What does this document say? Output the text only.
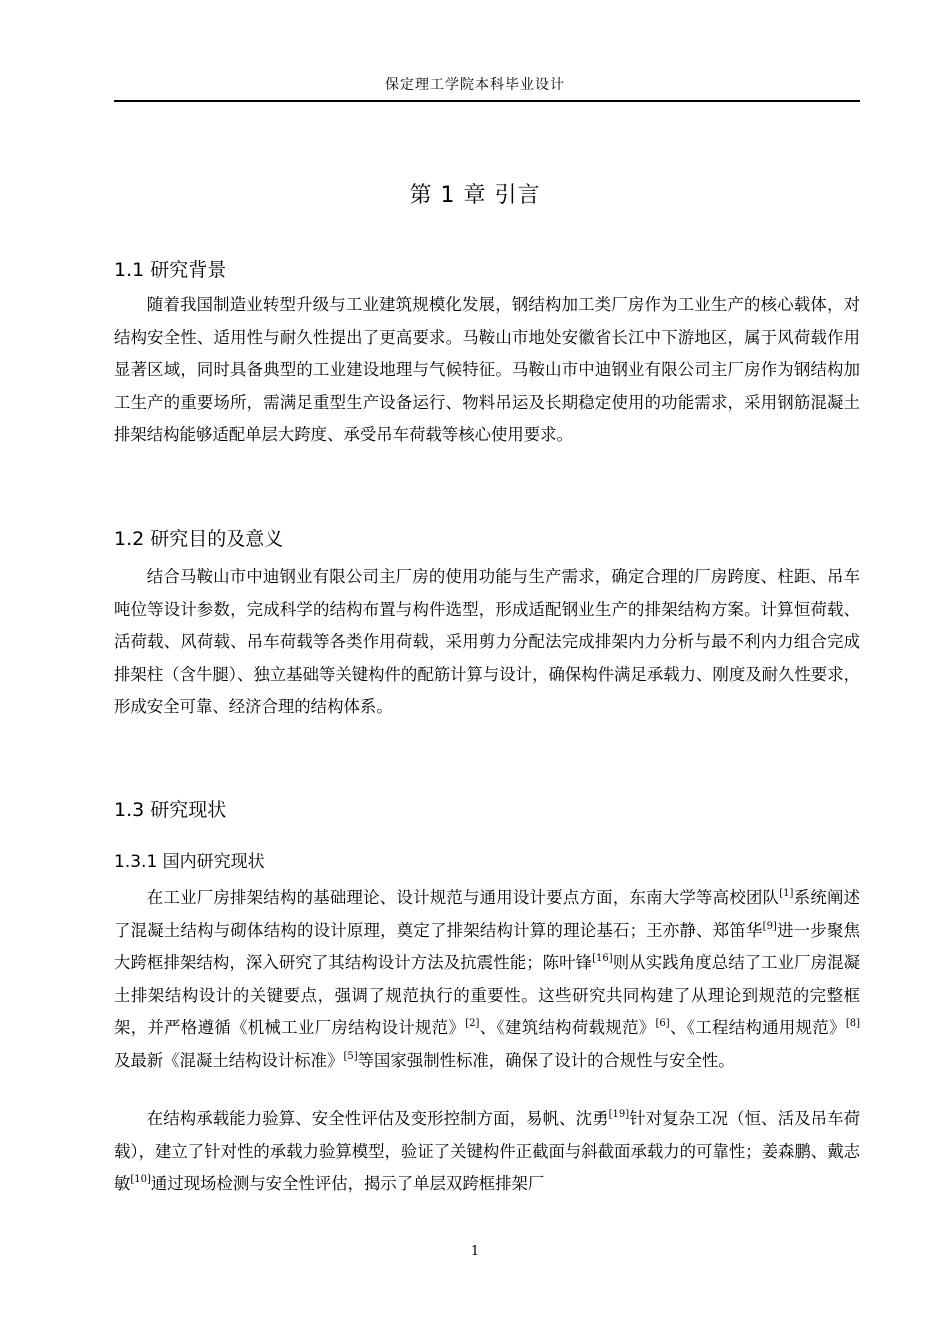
保定理工学院本科毕业设计
第 1 章 引言
1.1 研究背景

随着我国制造业转型升级与工业建筑规模化发展，钢结构加工类厂房作为工业生产的核心载体，对结构安全性、适用性与耐久性提出了更高要求。马鞍山市地处安徽省长江中下游地区，属于风荷载作用显著区域，同时具备典型的工业建设地理与气候特征。马鞍山市中迪钢业有限公司主厂房作为钢结构加工生产的重要场所，需满足重型生产设备运行、物料吊运及长期稳定使用的功能需求，采用钢筋混凝土排架结构能够适配单层大跨度、承受吊车荷载等核心使用要求。

1.2 研究目的及意义

结合马鞍山市中迪钢业有限公司主厂房的使用功能与生产需求，确定合理的厂房跨度、柱距、吊车吨位等设计参数，完成科学的结构布置与构件选型，形成适配钢业生产的排架结构方案。计算恒荷载、活荷载、风荷载、吊车荷载等各类作用荷载，采用剪力分配法完成排架内力分析与最不利内力组合完成排架柱（含牛腿）、独立基础等关键构件的配筋计算与设计，确保构件满足承载力、刚度及耐久性要求，形成安全可靠、经济合理的结构体系。

1.3 研究现状
1.3.1 国内研究现状

在工业厂房排架结构的基础理论、设计规范与通用设计要点方面，东南大学等高校团队[1]系统阐述了混凝土结构与砌体结构的设计原理，奠定了排架结构计算的理论基石；王亦静、郑笛华[9]进一步聚焦大跨框排架结构，深入研究了其结构设计方法及抗震性能；陈叶锋[16]则从实践角度总结了工业厂房混凝土排架结构设计的关键要点，强调了规范执行的重要性。这些研究共同构建了从理论到规范的完整框架，并严格遵循《机械工业厂房结构设计规范》[2]、《建筑结构荷载规范》[6]、《工程结构通用规范》[8]及最新《混凝土结构设计标准》[5]等国家强制性标准，确保了设计的合规性与安全性。

在结构承载能力验算、安全性评估及变形控制方面，易帆、沈勇[19]针对复杂工况（恒、活及吊车荷载），建立了针对性的承载力验算模型，验证了关键构件正截面与斜截面承载力的可靠性；姜森鹏、戴志敏[10]通过现场检测与安全性评估，揭示了单层双跨框排架厂

1
